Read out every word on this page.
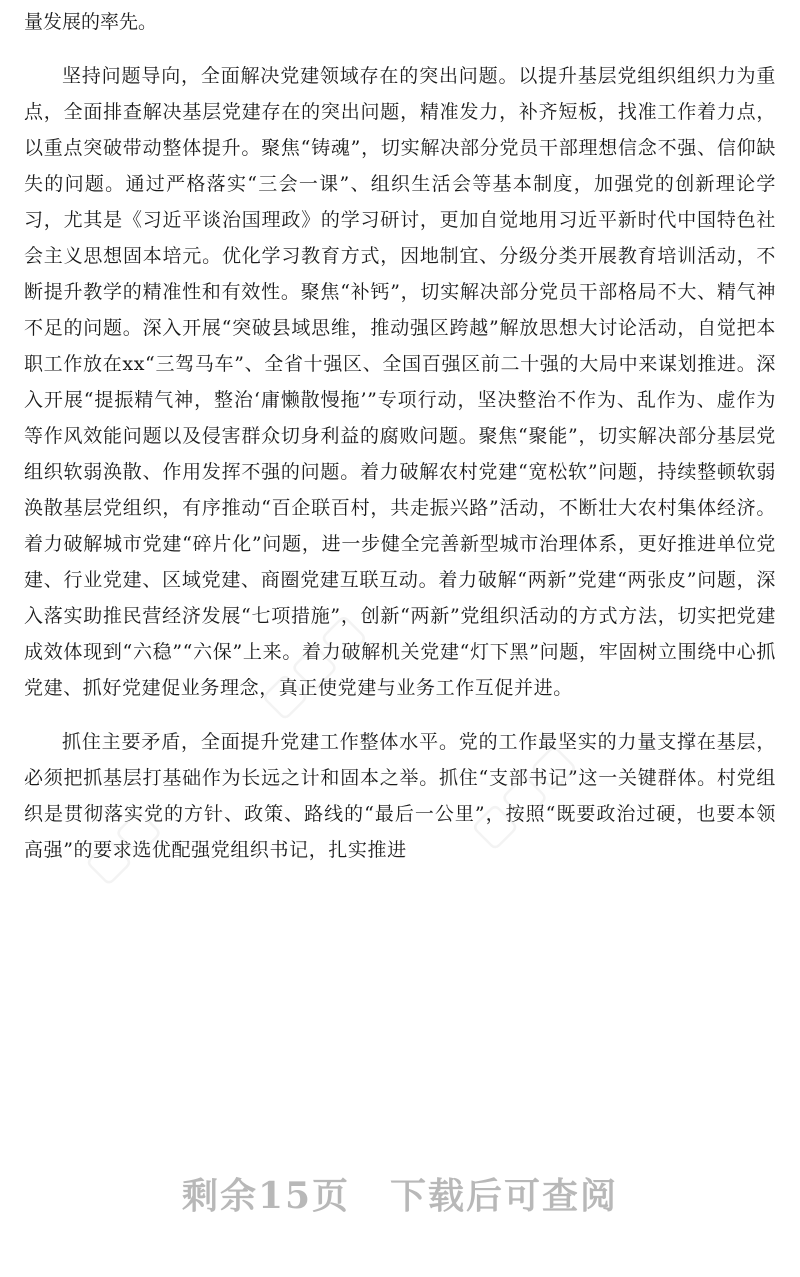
量发展的率先。

坚持问题导向，全面解决党建领域存在的突出问题。以提升基层党组织组织力为重点，全面排查解决基层党建存在的突出问题，精准发力，补齐短板，找准工作着力点，以重点突破带动整体提升。聚焦“铸魂”，切实解决部分党员干部理想信念不强、信仰缺失的问题。通过严格落实“三会一课”、组织生活会等基本制度，加强党的创新理论学习，尤其是《习近平谈治国理政》的学习研讨，更加自觉地用习近平新时代中国特色社会主义思想固本培元。优化学习教育方式，因地制宜、分级分类开展教育培训活动，不断提升教学的精准性和有效性。聚焦“补钙”，切实解决部分党员干部格局不大、精气神不足的问题。深入开展“突破县域思维，推动强区跨越”解放思想大讨论活动，自觉把本职工作放在xx“三驾马车”、全省十强区、全国百强区前二十强的大局中来谋划推进。深入开展“提振精气神，整治‘庸懒散慢拖’”专项行动，坚决整治不作为、乱作为、虚作为等作风效能问题以及侵害群众切身利益的腐败问题。聚焦“聚能”，切实解决部分基层党组织软弱涣散、作用发挥不强的问题。着力破解农村党建“宽松软”问题，持续整顿软弱涣散基层党组织，有序推动“百企联百村，共走振兴路”活动，不断壮大农村集体经济。着力破解城市党建“碎片化”问题，进一步健全完善新型城市治理体系，更好推进单位党建、行业党建、区域党建、商圈党建互联互动。着力破解“两新”党建“两张皮”问题，深入落实助推民营经济发展“七项措施”，创新“两新”党组织活动的方式方法，切实把党建成效体现到“六稳”“六保”上来。着力破解机关党建“灯下黑”问题，牢固树立围绕中心抓党建、抓好党建促业务理念，真正使党建与业务工作互促并进。

抓住主要矛盾，全面提升党建工作整体水平。党的工作最坚实的力量支撑在基层，必须把抓基层打基础作为长远之计和固本之举。抓住“支部书记”这一关键群体。村党组织是贯彻落实党的方针、政策、路线的“最后一公里”，按照“既要政治过硬，也要本领高强”的要求选优配强党组织书记，扎实推进

▢▢▢
▢▢▢
▢▢
剩余15页 下载后可查阅
